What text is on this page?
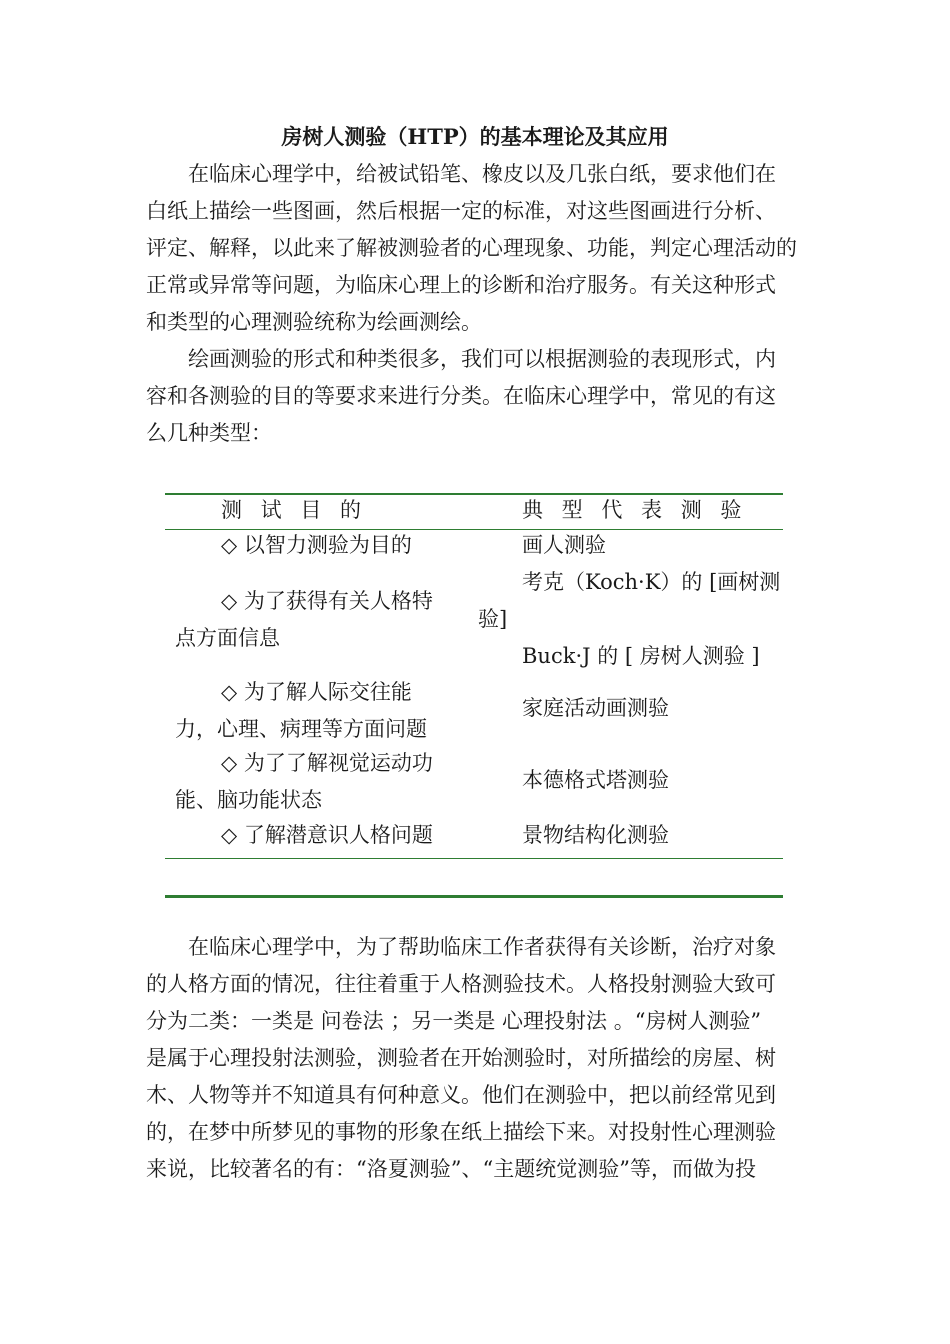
房树人测验（HTP）的基本理论及其应用
在临床心理学中，给被试铅笔、橡皮以及几张白纸，要求他们在
白纸上描绘一些图画，然后根据一定的标准，对这些图画进行分析、
评定、解释，以此来了解被测验者的心理现象、功能，判定心理活动的
正常或异常等问题，为临床心理上的诊断和治疗服务。有关这种形式
和类型的心理测验统称为绘画测绘。
绘画测验的形式和种类很多，我们可以根据测验的表现形式，内
容和各测验的目的等要求来进行分类。在临床心理学中，常见的有这
么几种类型：
测 试 目 的	典 型 代 表 测 验
◇ 以智力测验为目的
◇ 为了获得有关人格特
点方面信息
◇ 为了解人际交往能
力，心理、病理等方面问题
◇ 为了了解视觉运动功
能、脑功能状态
◇ 了解潜意识人格问题
画人测验
考克（Koch·K）的 [画树测
验]
Buck·J 的 [ 房树人测验 ]
家庭活动画测验
本德格式塔测验
景物结构化测验
在临床心理学中，为了帮助临床工作者获得有关诊断，治疗对象
的人格方面的情况，往往着重于人格测验技术。人格投射测验大致可
分为二类：一类是 问卷法 ；另一类是 心理投射法 。“房树人测验”
是属于心理投射法测验，测验者在开始测验时，对所描绘的房屋、树
木、人物等并不知道具有何种意义。他们在测验中，把以前经常见到
的，在梦中所梦见的事物的形象在纸上描绘下来。对投射性心理测验
来说，比较著名的有：“洛夏测验”、“主题统觉测验”等，而做为投
